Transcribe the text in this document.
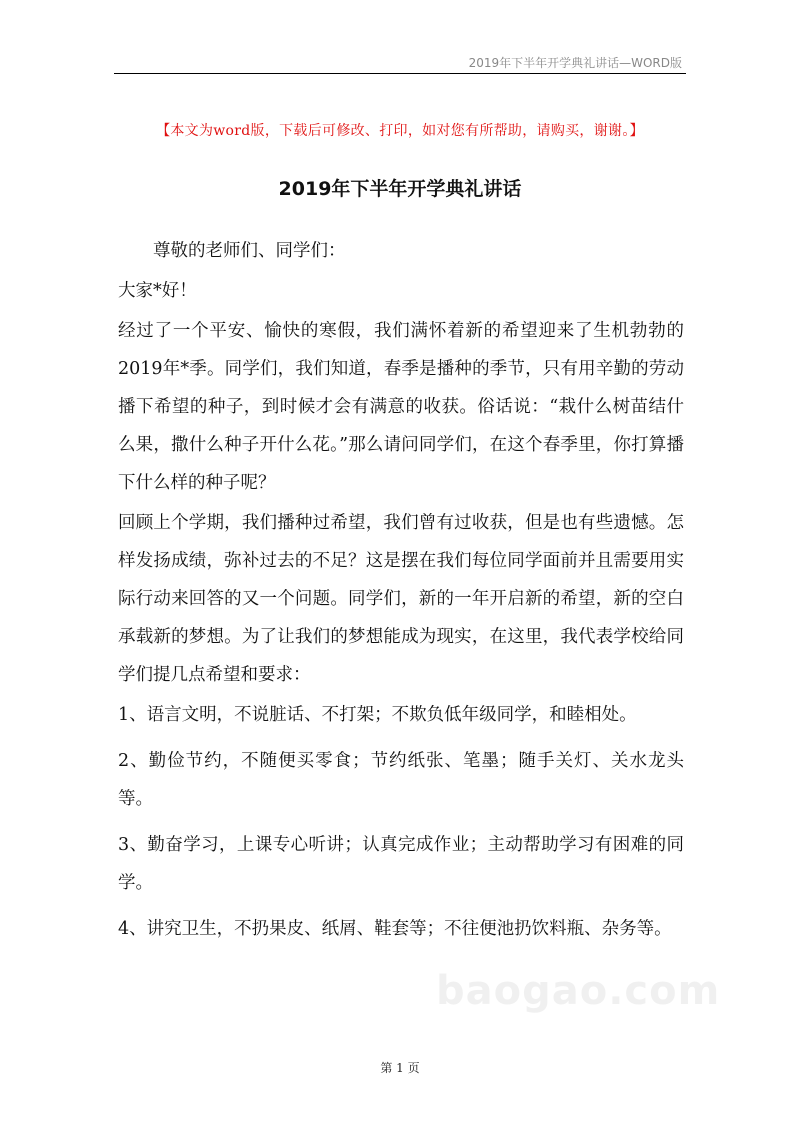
2019年下半年开学典礼讲话—WORD版
【本文为word版，下载后可修改、打印，如对您有所帮助，请购买，谢谢。】
2019年下半年开学典礼讲话

尊敬的老师们、同学们：

大家*好！

经过了一个平安、愉快的寒假，我们满怀着新的希望迎来了生机勃勃的2019年*季。同学们，我们知道，春季是播种的季节，只有用辛勤的劳动播下希望的种子，到时候才会有满意的收获。俗话说：“栽什么树苗结什么果，撒什么种子开什么花。”那么请问同学们，在这个春季里，你打算播下什么样的种子呢？

回顾上个学期，我们播种过希望，我们曾有过收获，但是也有些遗憾。怎样发扬成绩，弥补过去的不足？这是摆在我们每位同学面前并且需要用实际行动来回答的又一个问题。同学们，新的一年开启新的希望，新的空白承载新的梦想。为了让我们的梦想能成为现实，在这里，我代表学校给同学们提几点希望和要求：

1、语言文明，不说脏话、不打架；不欺负低年级同学，和睦相处。

2、勤俭节约，不随便买零食；节约纸张、笔墨；随手关灯、关水龙头等。

3、勤奋学习，上课专心听讲；认真完成作业；主动帮助学习有困难的同学。

4、讲究卫生，不扔果皮、纸屑、鞋套等；不往便池扔饮料瓶、杂务等。

baogao.com
第 1 页
